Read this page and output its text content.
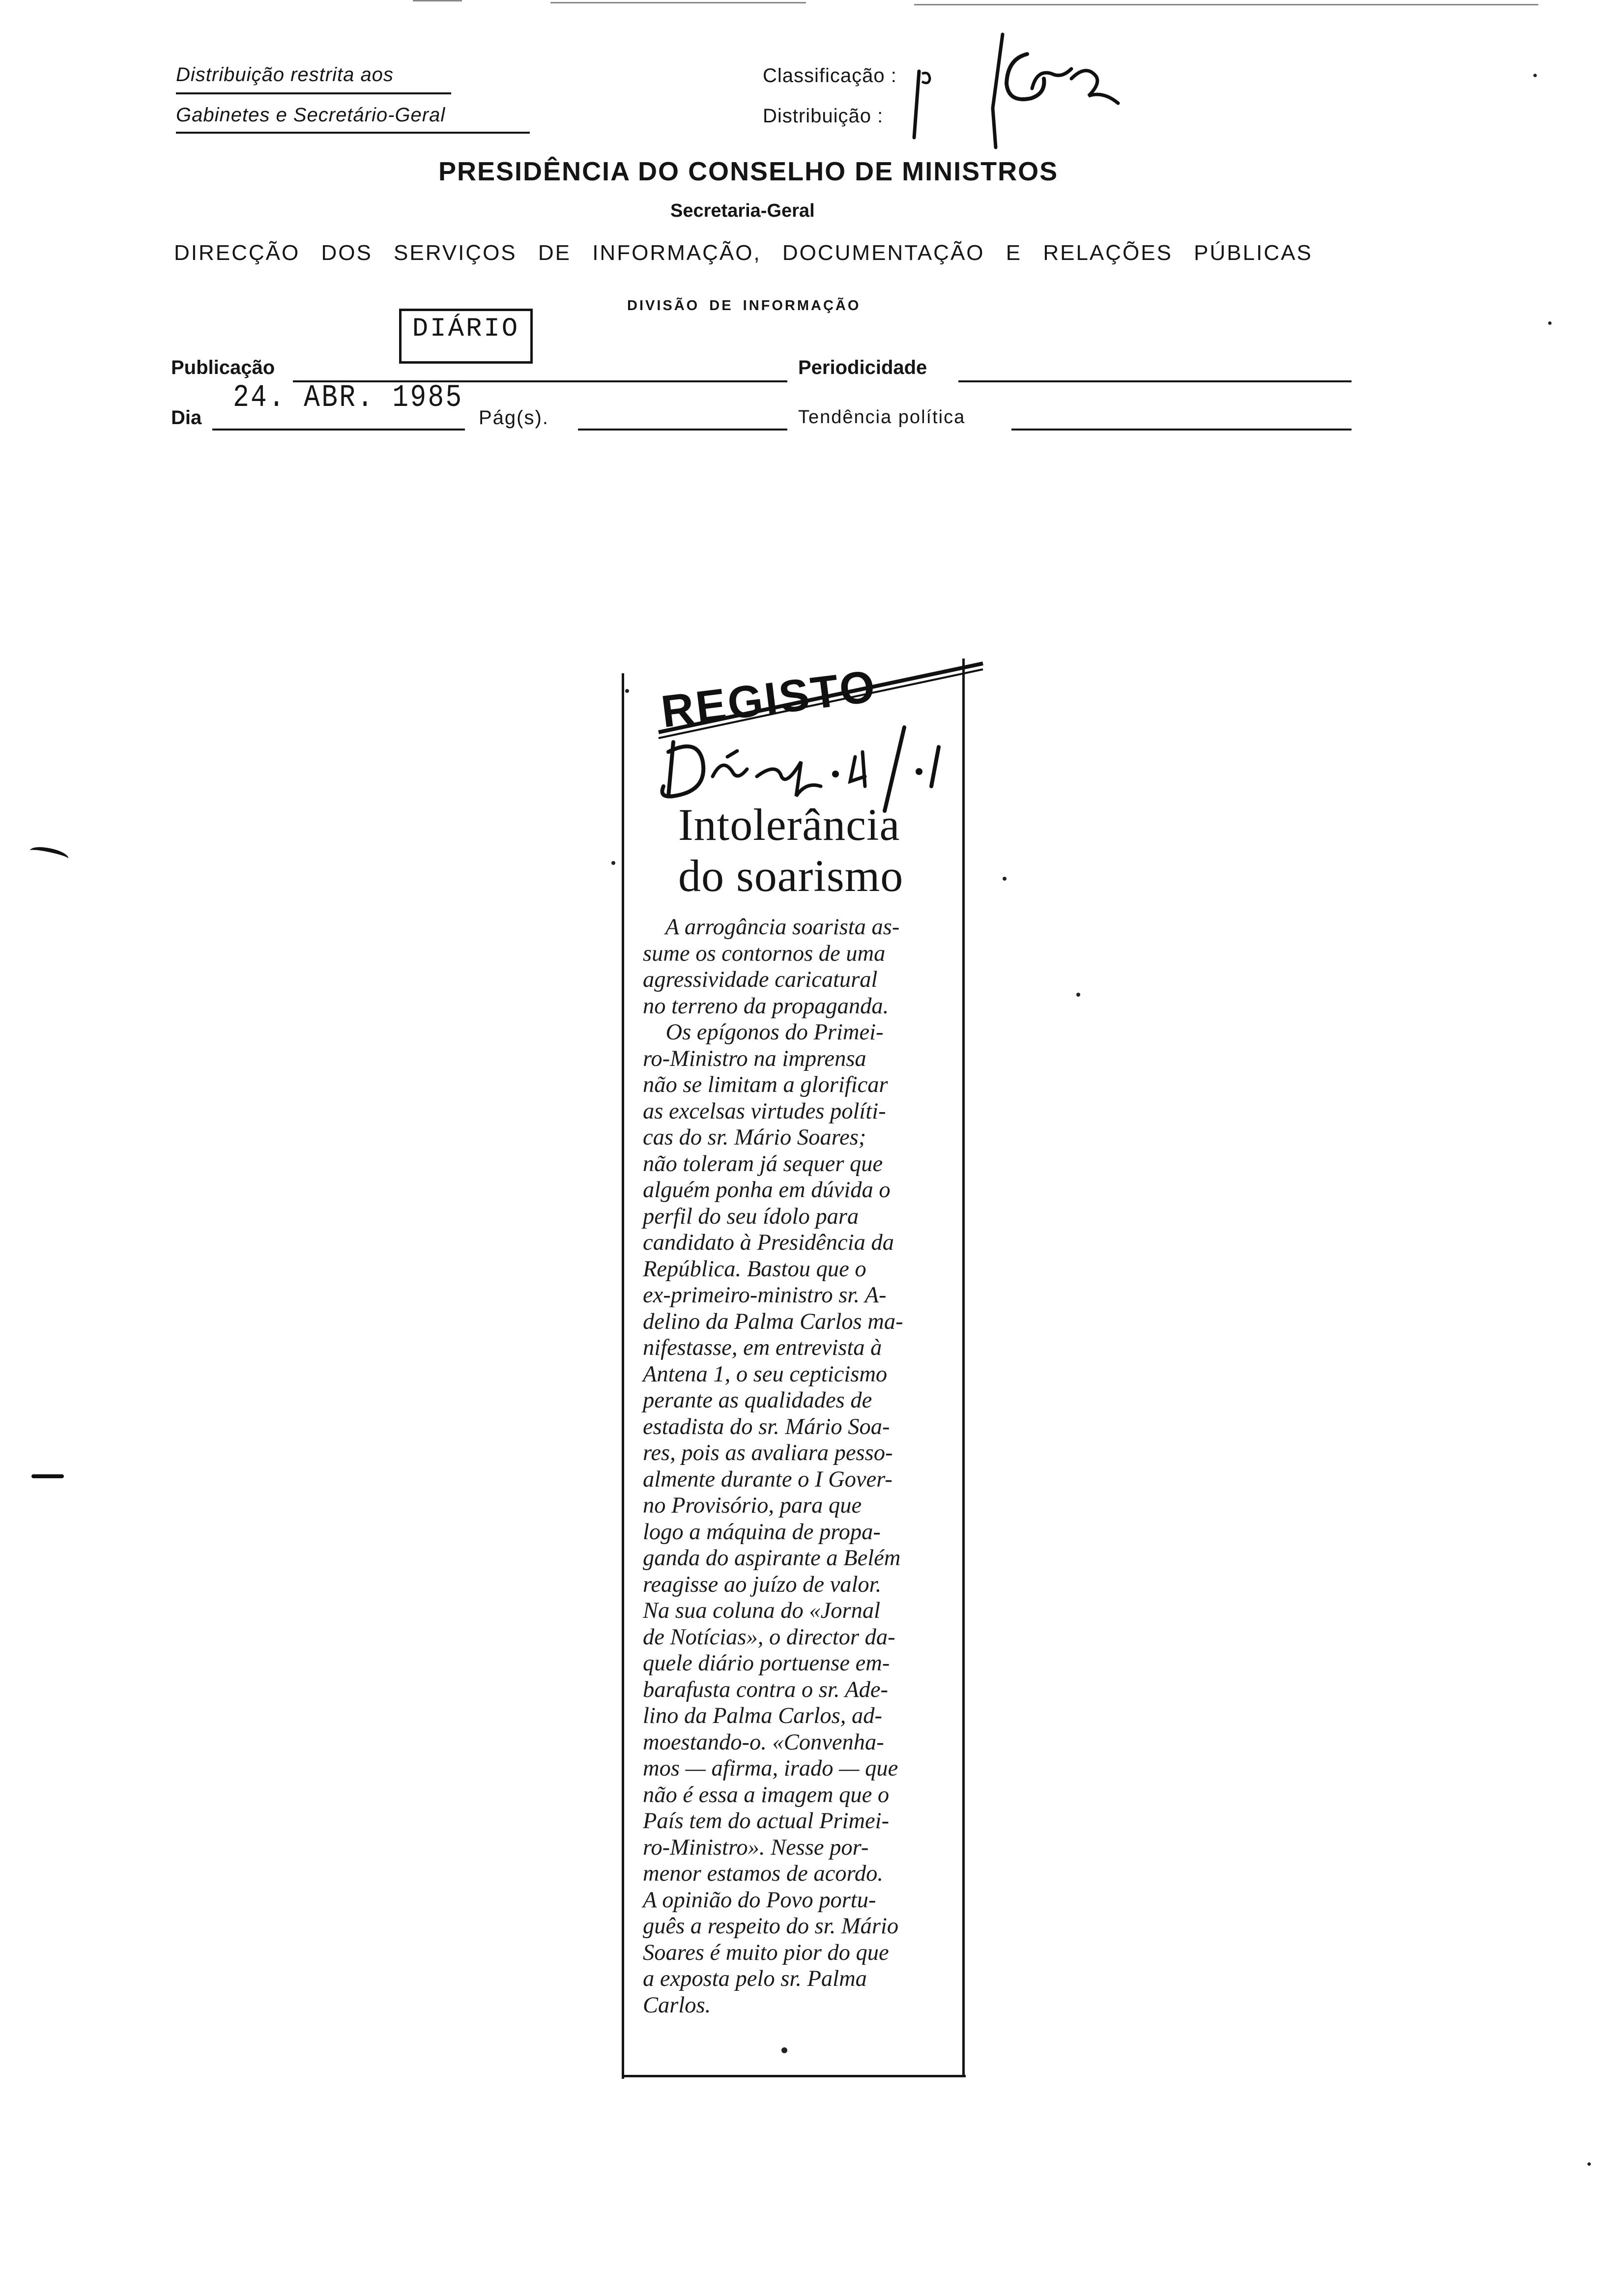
Distribuição restrita aos
Gabinetes e Secretário-Geral
Classificação :
Distribuição :
PRESIDÊNCIA DO CONSELHO DE MINISTROS
Secretaria-Geral
DIRECÇÃO DOS SERVIÇOS DE INFORMAÇÃO, DOCUMENTAÇÃO E RELAÇÕES PÚBLICAS
DIVISÃO DE INFORMAÇÃO
DIÁRIO
Publicação	Periodicidade
Dia
24. ABR. 1985
Pág(s).	Tendência política
REGISTO
Intolerância
do soarismo
A arrogância soarista as-
sume os contornos de uma
agressividade caricatural
no terreno da propaganda.
Os epígonos do Primei-
ro-Ministro na imprensa
não se limitam a glorificar
as excelsas virtudes políti-
cas do sr. Mário Soares;
não toleram já sequer que
alguém ponha em dúvida o
perfil do seu ídolo para
candidato à Presidência da
República. Bastou que o
ex-primeiro-ministro sr. A-
delino da Palma Carlos ma-
nifestasse, em entrevista à
Antena 1, o seu cepticismo
perante as qualidades de
estadista do sr. Mário Soa-
res, pois as avaliara pesso-
almente durante o I Gover-
no Provisório, para que
logo a máquina de propa-
ganda do aspirante a Belém
reagisse ao juízo de valor.
Na sua coluna do «Jornal
de Notícias», o director da-
quele diário portuense em-
barafusta contra o sr. Ade-
lino da Palma Carlos, ad-
moestando-o. «Convenha-
mos — afirma, irado — que
não é essa a imagem que o
País tem do actual Primei-
ro-Ministro». Nesse por-
menor estamos de acordo.
A opinião do Povo portu-
guês a respeito do sr. Mário
Soares é muito pior do que
a exposta pelo sr. Palma
Carlos.
